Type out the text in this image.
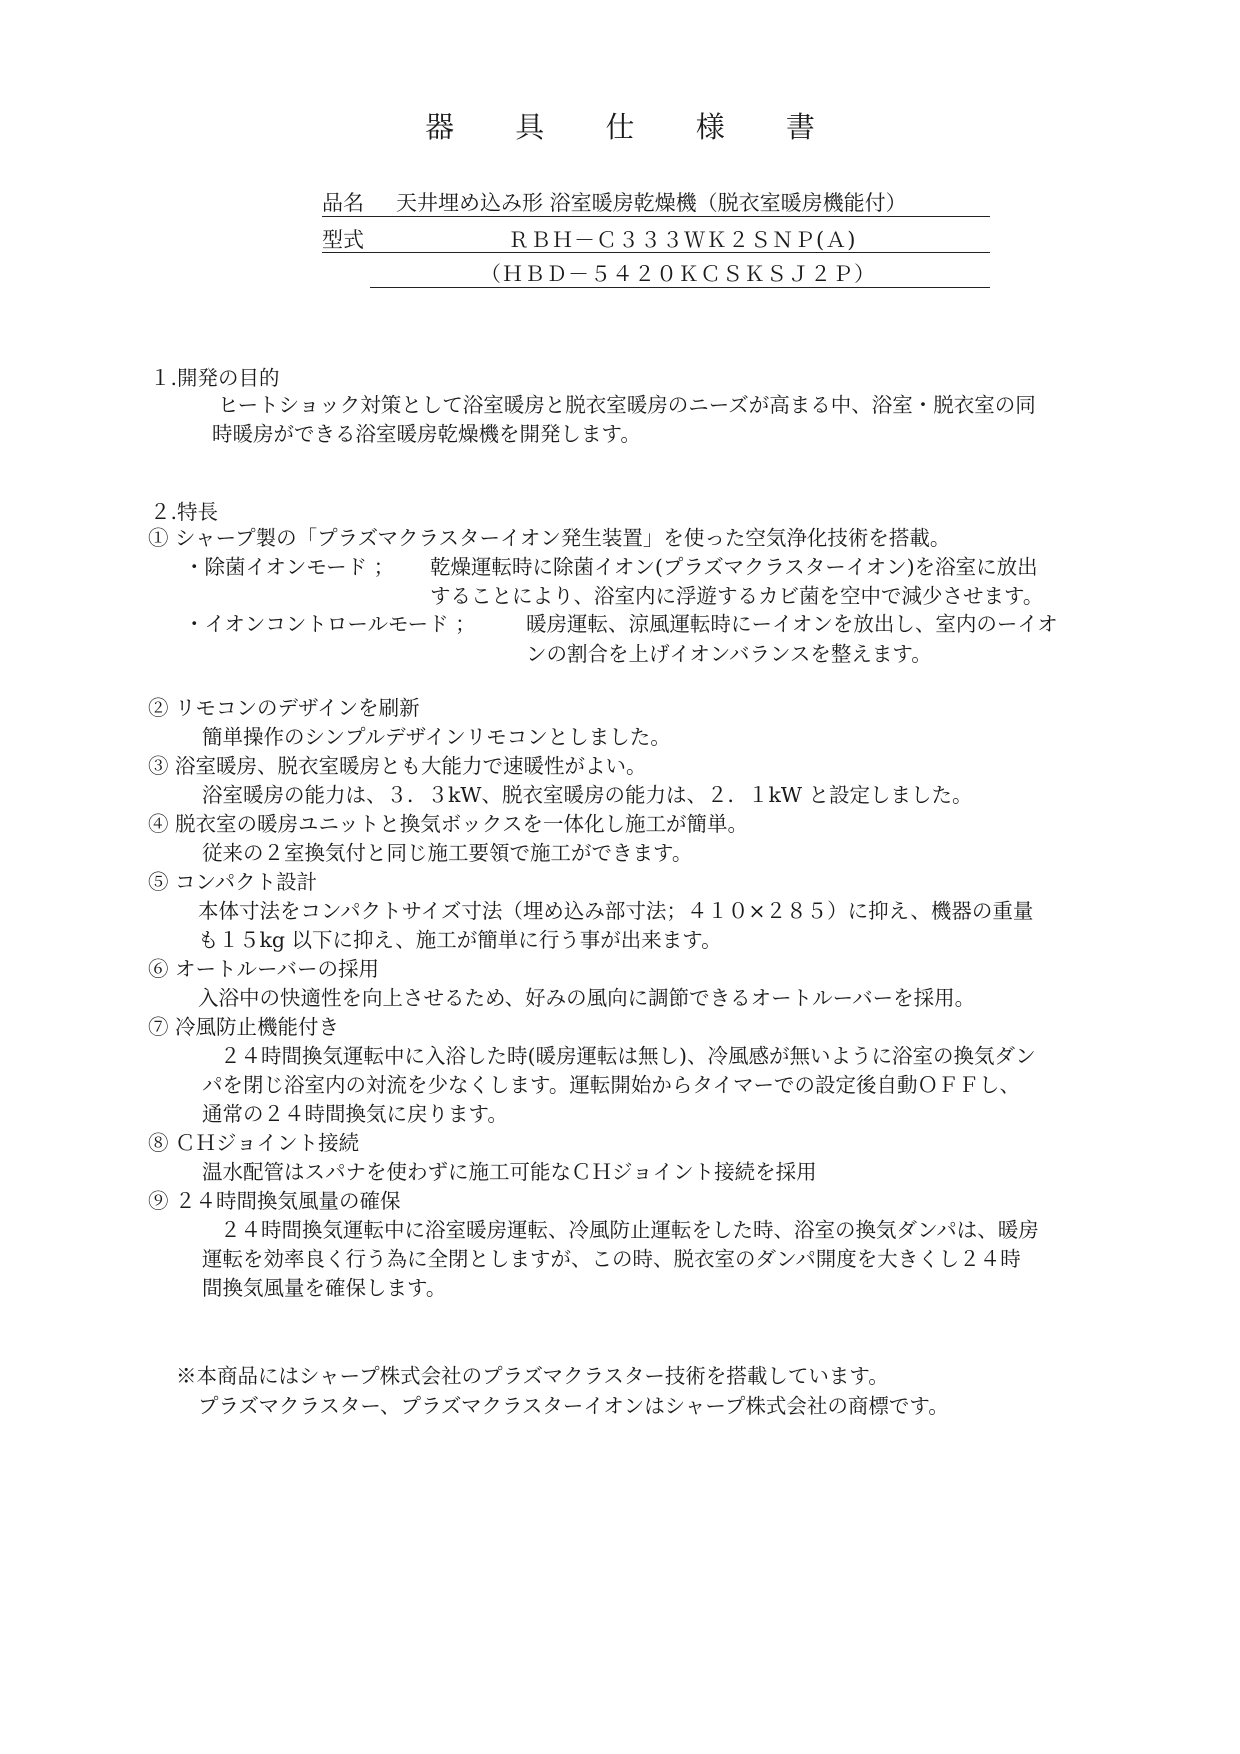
器 具 仕 様 書
品名 天井埋め込み形 浴室暖房乾燥機（脱衣室暖房機能付）
型式	ＲＢＨ－Ｃ３３３ＷＫ２ＳＮＰ(Ａ)
（ＨＢＤ－５４２０ＫＣＳＫＳＪ２Ｐ）
１.開発の目的
ヒートショック対策として浴室暖房と脱衣室暖房のニーズが高まる中、浴室・脱衣室の同
時暖房ができる浴室暖房乾燥機を開発します。
２.特長
① シャープ製の「プラズマクラスターイオン発生装置」を使った空気浄化技術を搭載。
・除菌イオンモード ； 乾燥運転時に除菌イオン(プラズマクラスターイオン)を浴室に放出
することにより、浴室内に浮遊するカビ菌を空中で減少させます。
・イオンコントロールモード ； 暖房運転、涼風運転時にーイオンを放出し、室内のーイオ
ンの割合を上げイオンバランスを整えます。
② リモコンのデザインを刷新
簡単操作のシンプルデザインリモコンとしました。
③ 浴室暖房、脱衣室暖房とも大能力で速暖性がよい。
浴室暖房の能力は、３．３kW、脱衣室暖房の能力は、２．１kW と設定しました。
④ 脱衣室の暖房ユニットと換気ボックスを一体化し施工が簡単。
従来の２室換気付と同じ施工要領で施工ができます。
⑤ コンパクト設計
本体寸法をコンパクトサイズ寸法（埋め込み部寸法；４１０×２８５）に抑え、機器の重量
も１５kg 以下に抑え、施工が簡単に行う事が出来ます。
⑥ オートルーバーの採用
入浴中の快適性を向上させるため、好みの風向に調節できるオートルーバーを採用。
⑦ 冷風防止機能付き
２４時間換気運転中に入浴した時(暖房運転は無し)、冷風感が無いように浴室の換気ダン
パを閉じ浴室内の対流を少なくします。運転開始からタイマーでの設定後自動ＯＦＦし、
通常の２４時間換気に戻ります。
⑧ ＣＨジョイント接続
温水配管はスパナを使わずに施工可能なＣＨジョイント接続を採用
⑨ ２４時間換気風量の確保
２４時間換気運転中に浴室暖房運転、冷風防止運転をした時、浴室の換気ダンパは、暖房
運転を効率良く行う為に全閉としますが、この時、脱衣室のダンパ開度を大きくし２４時
間換気風量を確保します。
※本商品にはシャープ株式会社のプラズマクラスター技術を搭載しています。
プラズマクラスター、プラズマクラスターイオンはシャープ株式会社の商標です。
